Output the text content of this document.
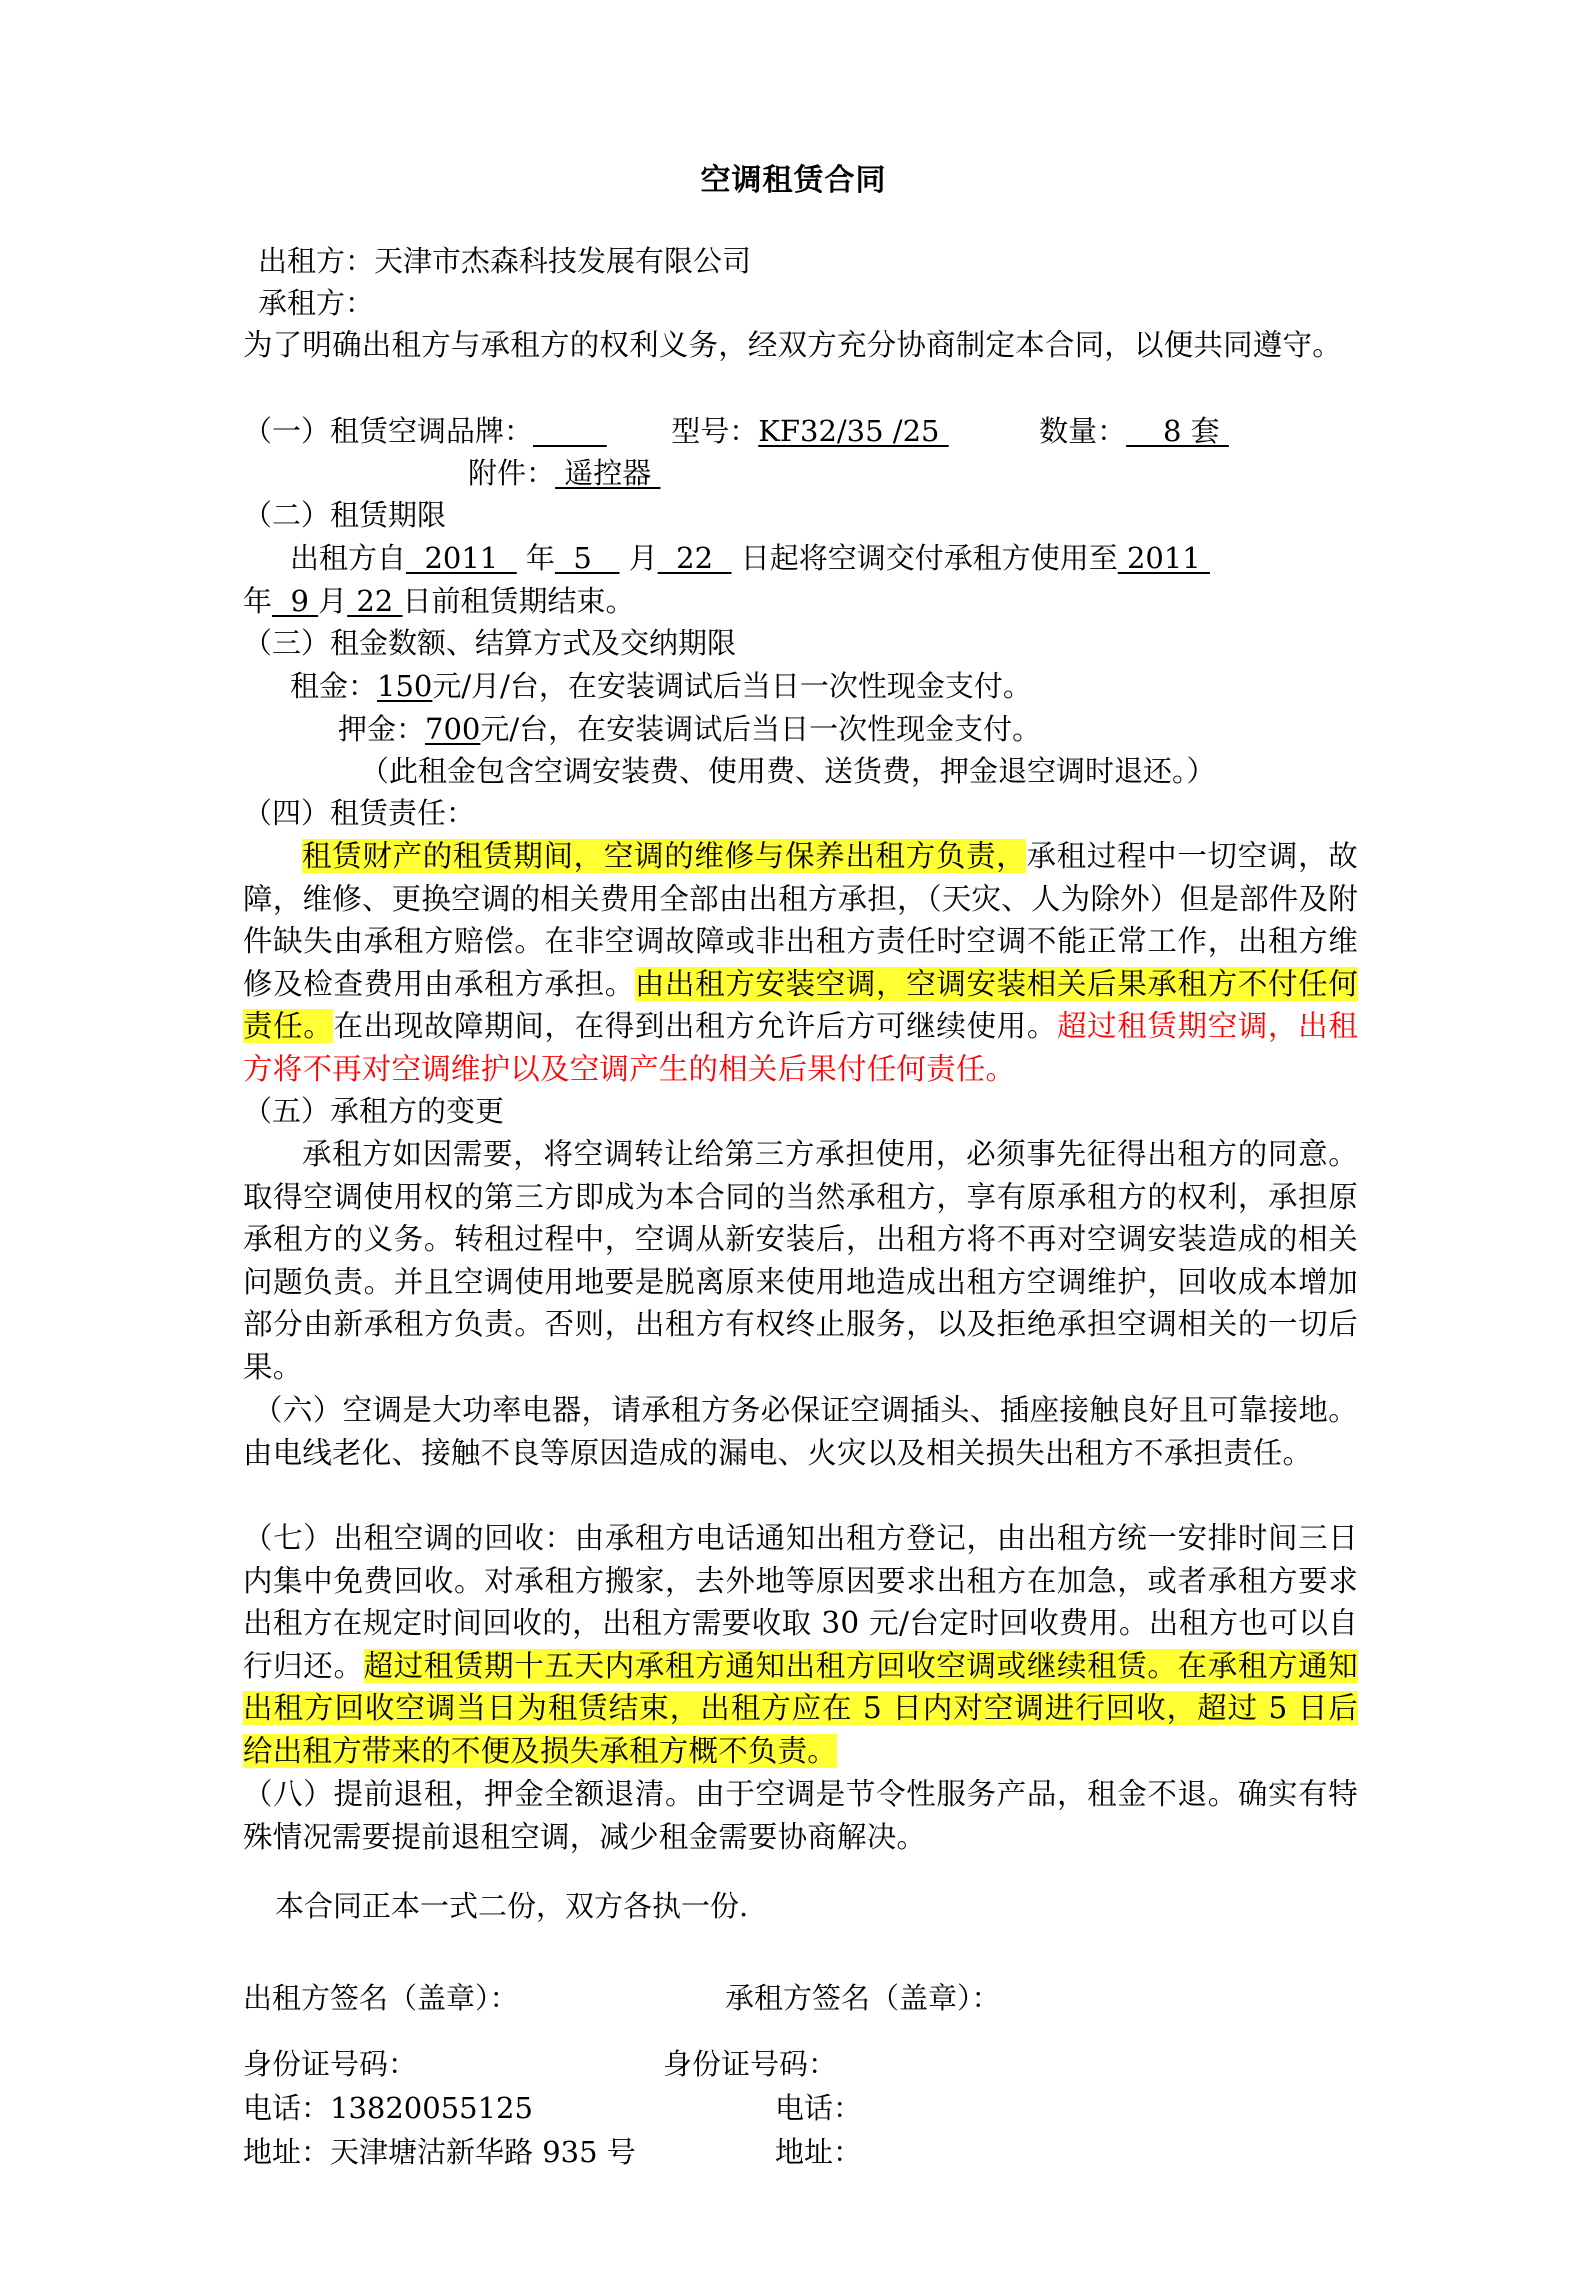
空调租赁合同
出租方：天津市杰森科技发展有限公司
承租方：
为了明确出租方与承租方的权利义务，经双方充分协商制定本合同，以便共同遵守。
（一）租赁空调品牌：	型号：KF32/35 /25	数量：    8 套
附件： 遥控器
（二）租赁期限
出租方自  2011   年  5    月  22   日起将空调交付承租方使用至 2011
年  9 月 22 日前租赁期结束。
（三）租金数额、结算方式及交纳期限
租金：150元/月/台，在安装调试后当日一次性现金支付。
押金：700元/台，在安装调试后当日一次性现金支付。
（此租金包含空调安装费、使用费、送货费，押金退空调时退还。）
（四）租赁责任：
租赁财产的租赁期间，空调的维修与保养出租方负责，承租过程中一切空调，故障，维修、更换空调的相关费用全部由出租方承担，（天灾、人为除外）但是部件及附件缺失由承租方赔偿。在非空调故障或非出租方责任时空调不能正常工作，出租方维修及检查费用由承租方承担。由出租方安装空调，空调安装相关后果承租方不付任何责任。在出现故障期间，在得到出租方允许后方可继续使用。超过租赁期空调，出租方将不再对空调维护以及空调产生的相关后果付任何责任。
（五）承租方的变更
承租方如因需要，将空调转让给第三方承担使用，必须事先征得出租方的同意。取得空调使用权的第三方即成为本合同的当然承租方，享有原承租方的权利，承担原承租方的义务。转租过程中，空调从新安装后，出租方将不再对空调安装造成的相关问题负责。并且空调使用地要是脱离原来使用地造成出租方空调维护，回收成本增加部分由新承租方负责。否则，出租方有权终止服务，以及拒绝承担空调相关的一切后果。
（六）空调是大功率电器，请承租方务必保证空调插头、插座接触良好且可靠接地。由电线老化、接触不良等原因造成的漏电、火灾以及相关损失出租方不承担责任。
（七）出租空调的回收：由承租方电话通知出租方登记，由出租方统一安排时间三日内集中免费回收。对承租方搬家，去外地等原因要求出租方在加急，或者承租方要求出租方在规定时间回收的，出租方需要收取 30 元/台定时回收费用。出租方也可以自行归还。超过租赁期十五天内承租方通知出租方回收空调或继续租赁。在承租方通知出租方回收空调当日为租赁结束，出租方应在 5 日内对空调进行回收，超过 5 日后给出租方带来的不便及损失承租方概不负责。
（八）提前退租，押金全额退清。由于空调是节令性服务产品，租金不退。确实有特殊情况需要提前退租空调，减少租金需要协商解决。
本合同正本一式二份，双方各执一份.
出租方签名（盖章）：	承租方签名（盖章）：
身份证号码：	身份证号码：
电话：13820055125	电话：
地址：天津塘沽新华路 935 号	地址：
